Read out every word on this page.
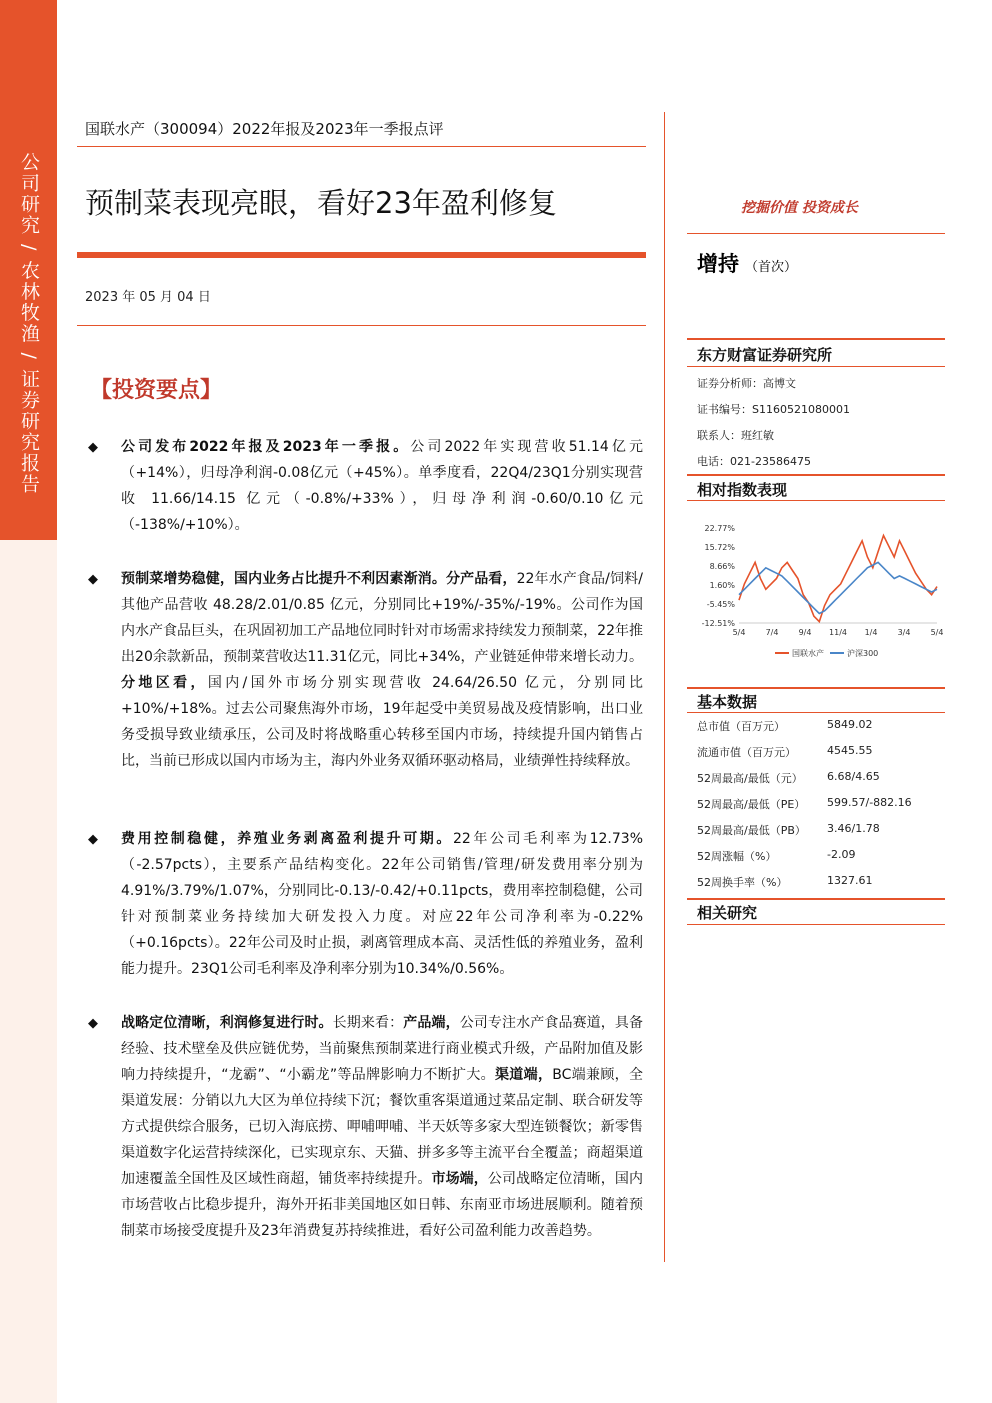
公司研究 / 农林牧渔 / 证券研究报告
国联水产（300094）2022年报及2023年一季报点评
预制菜表现亮眼，看好23年盈利修复	挖掘价值 投资成长
2023 年 05 月 04 日
增持 （首次）
【投资要点】
◆ 公司发布2022年报及2023年一季报。公司2022年实现营收51.14亿元（+14%），归母净利润-0.08亿元（+45%）。单季度看，22Q4/23Q1分别实现营收 11.66/14.15 亿元（-0.8%/+33%），归母净利润-0.60/0.10亿元（-138%/+10%）。
◆ 预制菜增势稳健，国内业务占比提升不利因素渐消。分产品看，22年水产食品/饲料/其他产品营收 48.28/2.01/0.85 亿元，分别同比+19%/-35%/-19%。公司作为国内水产食品巨头，在巩固初加工产品地位同时针对市场需求持续发力预制菜，22年推出20余款新品，预制菜营收达11.31亿元，同比+34%，产业链延伸带来增长动力。分地区看，国内/国外市场分别实现营收 24.64/26.50 亿元，分别同比+10%/+18%。过去公司聚焦海外市场，19年起受中美贸易战及疫情影响，出口业务受损导致业绩承压，公司及时将战略重心转移至国内市场，持续提升国内销售占比，当前已形成以国内市场为主，海内外业务双循环驱动格局，业绩弹性持续释放。
◆ 费用控制稳健，养殖业务剥离盈利提升可期。22年公司毛利率为12.73%（-2.57pcts），主要系产品结构变化。22年公司销售/管理/研发费用率分别为 4.91%/3.79%/1.07%，分别同比-0.13/-0.42/+0.11pcts，费用率控制稳健，公司针对预制菜业务持续加大研发投入力度。对应22年公司净利率为-0.22%（+0.16pcts）。22年公司及时止损，剥离管理成本高、灵活性低的养殖业务，盈利能力提升。23Q1公司毛利率及净利率分别为10.34%/0.56%。
◆ 战略定位清晰，利润修复进行时。长期来看：产品端，公司专注水产食品赛道，具备经验、技术壁垒及供应链优势，当前聚焦预制菜进行商业模式升级，产品附加值及影响力持续提升，“龙霸”、“小霸龙”等品牌影响力不断扩大。渠道端，BC端兼顾，全渠道发展：分销以九大区为单位持续下沉；餐饮重客渠道通过菜品定制、联合研发等方式提供综合服务，已切入海底捞、呷哺呷哺、半天妖等多家大型连锁餐饮；新零售渠道数字化运营持续深化，已实现京东、天猫、拼多多等主流平台全覆盖；商超渠道加速覆盖全国性及区域性商超，铺货率持续提升。市场端，公司战略定位清晰，国内市场营收占比稳步提升，海外开拓非美国地区如日韩、东南亚市场进展顺利。随着预制菜市场接受度提升及23年消费复苏持续推进，看好公司盈利能力改善趋势。
东方财富证券研究所
证券分析师：高博文
证书编号：S1160521080001
联系人：班红敏
电话：021-23586475
相对指数表现
22.77%
15.72%
8.66%
1.60%
-5.45%
-12.51%
5/4	7/4	9/4 11/4 1/4	3/4	5/4
国联水产	沪深300
基本数据
总市值（百万元）	5849.02
流通市值（百万元）	4545.55
52周最高/最低（元） 6.68/4.65
52周最高/最低（PE） 599.57/-882.16
52周最高/最低（PB） 3.46/1.78
52周涨幅（%）	-2.09
52周换手率（%）	1327.61
相关研究
